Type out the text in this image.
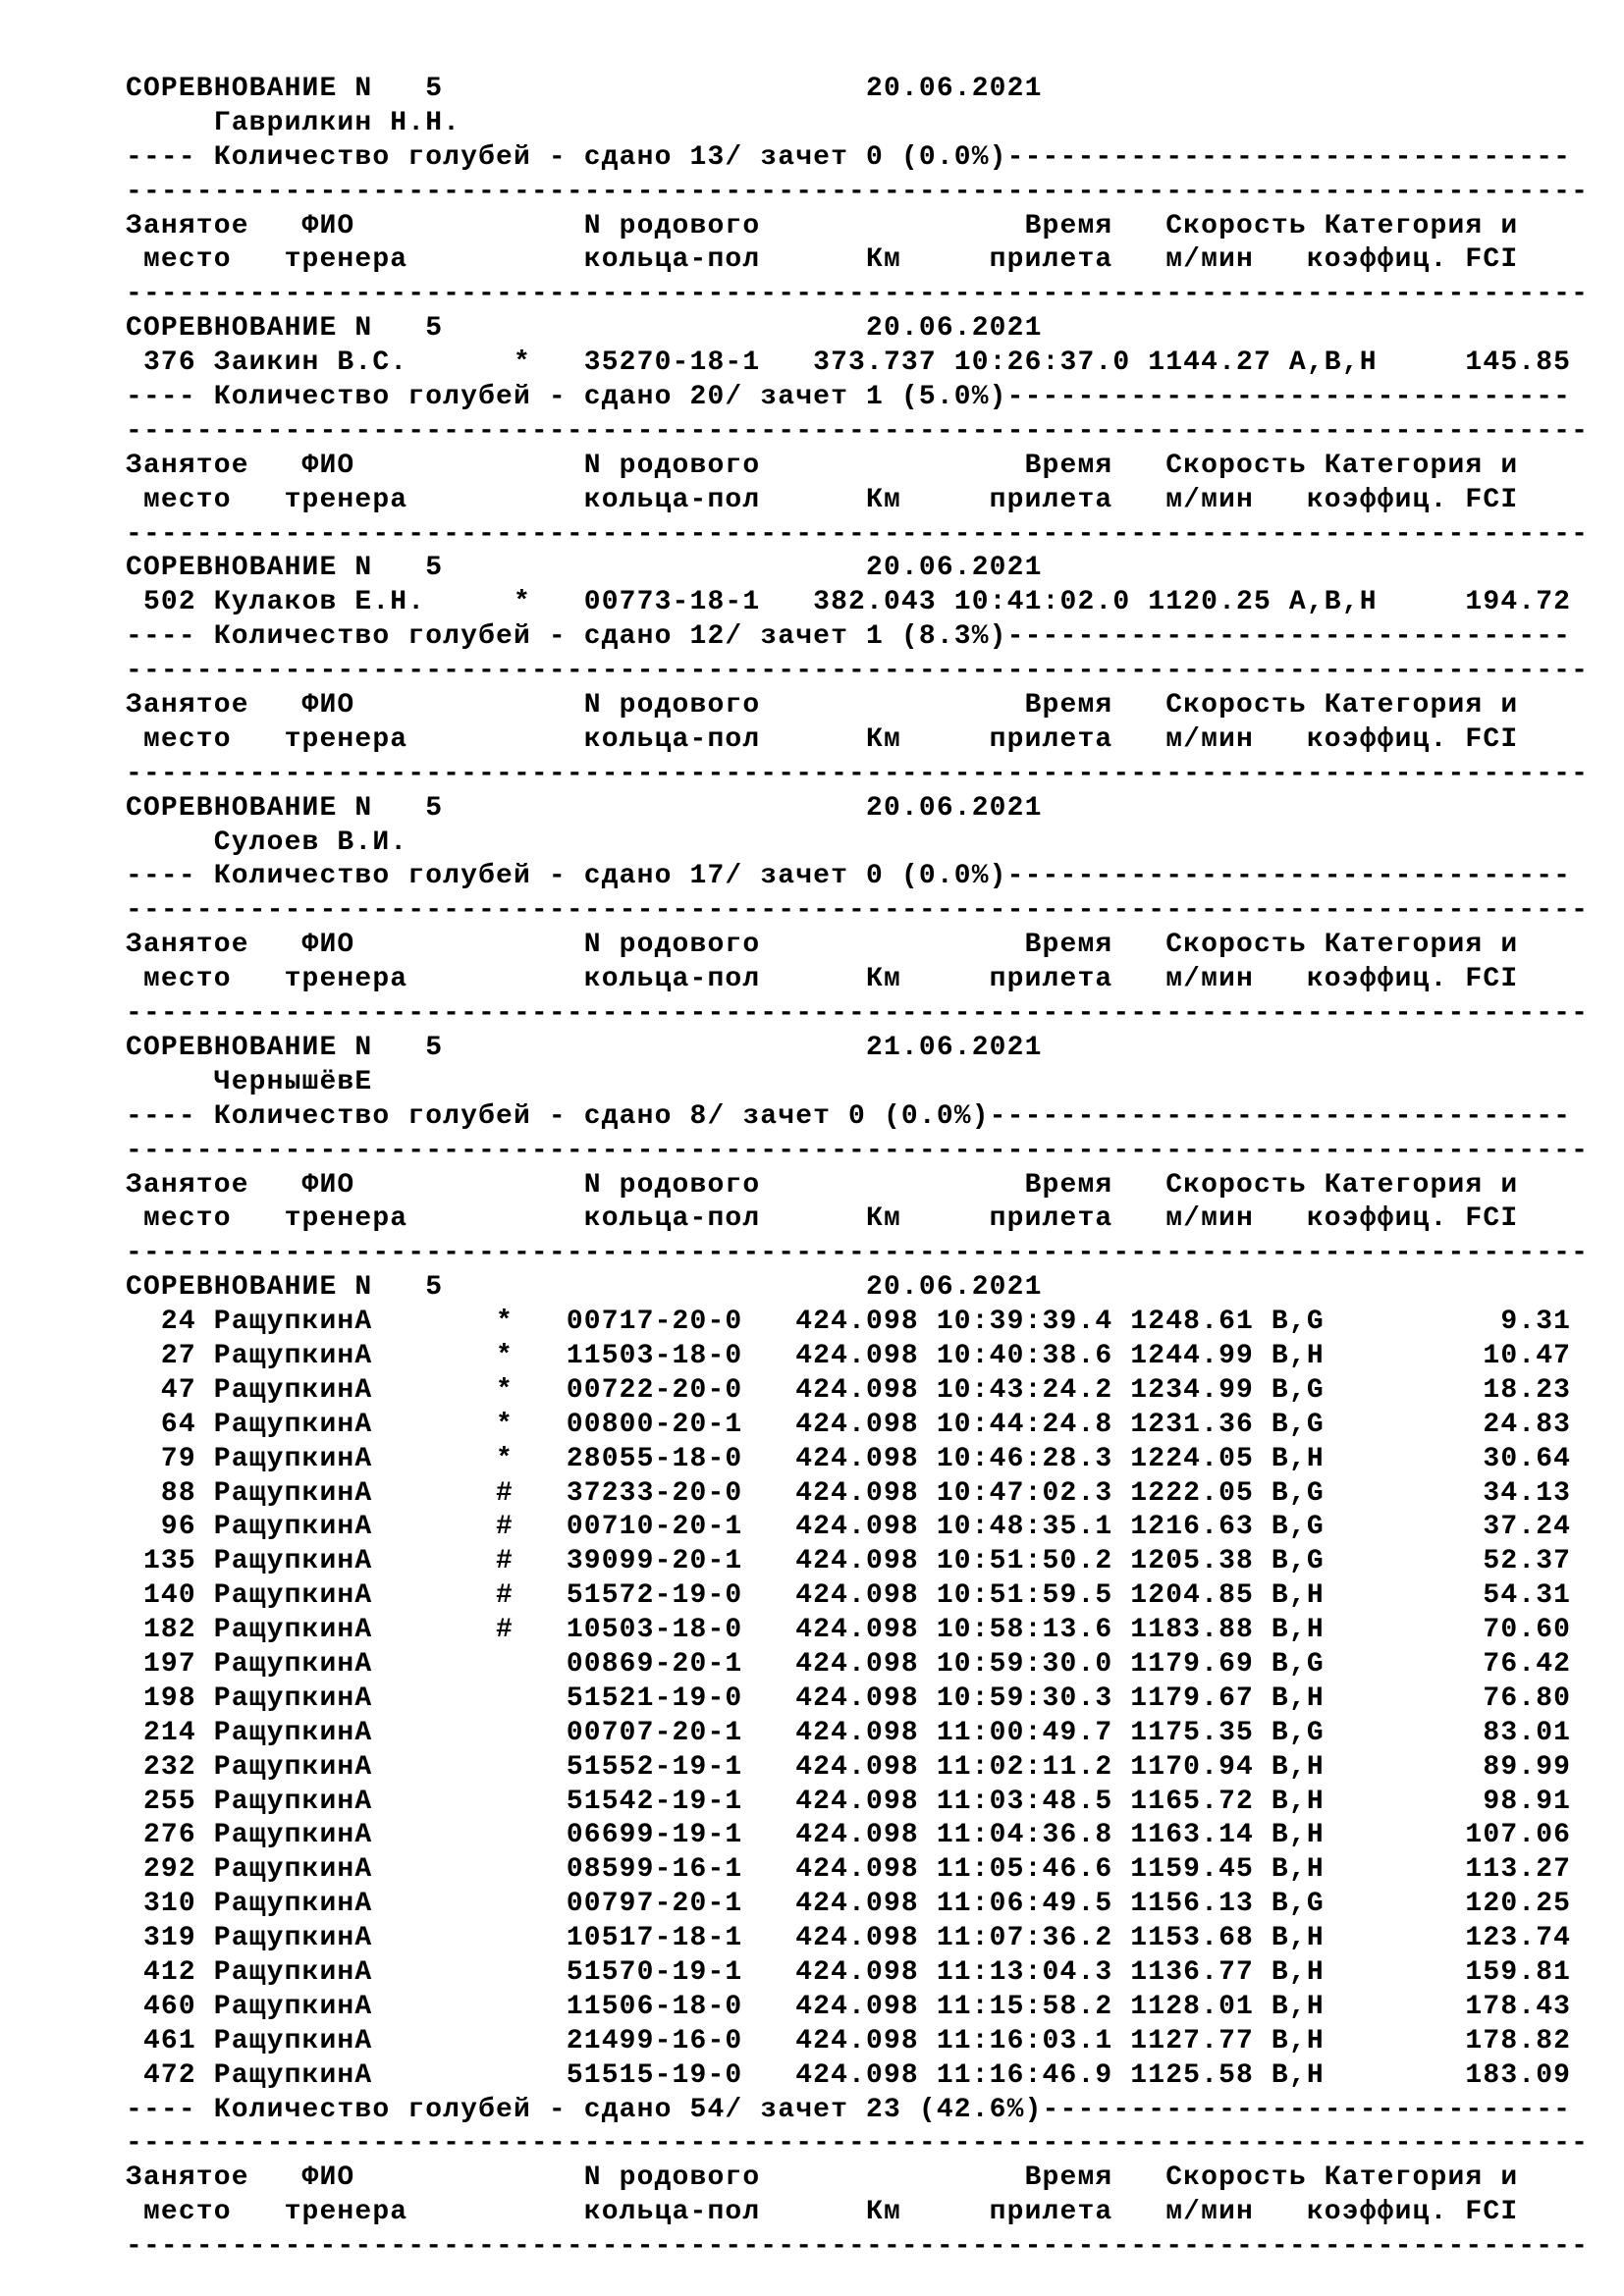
СОРЕВНОВАНИЕ N   5                        20.06.2021
Гаврилкин Н.Н.
---- Количество голубей - сдано 13/ зачет 0 (0.0%)--------------------------------
-----------------------------------------------------------------------------------
Занятое   ФИО             N родового               Время   Скорость Категория и
место   тренера          кольца-пол      Км     прилета   м/мин   коэффиц. FCI
-----------------------------------------------------------------------------------
СОРЕВНОВАНИЕ N   5                        20.06.2021
376 Заикин В.С.      *   35270-18-1   373.737 10:26:37.0 1144.27 A,B,H     145.85
---- Количество голубей - сдано 20/ зачет 1 (5.0%)--------------------------------
-----------------------------------------------------------------------------------
Занятое   ФИО             N родового               Время   Скорость Категория и
место   тренера          кольца-пол      Км     прилета   м/мин   коэффиц. FCI
-----------------------------------------------------------------------------------
СОРЕВНОВАНИЕ N   5                        20.06.2021
502 Кулаков Е.Н.     *   00773-18-1   382.043 10:41:02.0 1120.25 A,B,H     194.72
---- Количество голубей - сдано 12/ зачет 1 (8.3%)--------------------------------
-----------------------------------------------------------------------------------
Занятое   ФИО             N родового               Время   Скорость Категория и
место   тренера          кольца-пол      Км     прилета   м/мин   коэффиц. FCI
-----------------------------------------------------------------------------------
СОРЕВНОВАНИЕ N   5                        20.06.2021
Сулоев В.И.
---- Количество голубей - сдано 17/ зачет 0 (0.0%)--------------------------------
-----------------------------------------------------------------------------------
Занятое   ФИО             N родового               Время   Скорость Категория и
место   тренера          кольца-пол      Км     прилета   м/мин   коэффиц. FCI
-----------------------------------------------------------------------------------
СОРЕВНОВАНИЕ N   5                        21.06.2021
ЧернышёвЕ
---- Количество голубей - сдано 8/ зачет 0 (0.0%)---------------------------------
-----------------------------------------------------------------------------------
Занятое   ФИО             N родового               Время   Скорость Категория и
место   тренера          кольца-пол      Км     прилета   м/мин   коэффиц. FCI
-----------------------------------------------------------------------------------
СОРЕВНОВАНИЕ N   5                        20.06.2021
24 РащупкинА       *   00717-20-0   424.098 10:39:39.4 1248.61 B,G          9.31
27 РащупкинА       *   11503-18-0   424.098 10:40:38.6 1244.99 B,H         10.47
47 РащупкинА       *   00722-20-0   424.098 10:43:24.2 1234.99 B,G         18.23
64 РащупкинА       *   00800-20-1   424.098 10:44:24.8 1231.36 B,G         24.83
79 РащупкинА       *   28055-18-0   424.098 10:46:28.3 1224.05 B,H         30.64
88 РащупкинА       #   37233-20-0   424.098 10:47:02.3 1222.05 B,G         34.13
96 РащупкинА       #   00710-20-1   424.098 10:48:35.1 1216.63 B,G         37.24
135 РащупкинА       #   39099-20-1   424.098 10:51:50.2 1205.38 B,G         52.37
140 РащупкинА       #   51572-19-0   424.098 10:51:59.5 1204.85 B,H         54.31
182 РащупкинА       #   10503-18-0   424.098 10:58:13.6 1183.88 B,H         70.60
197 РащупкинА           00869-20-1   424.098 10:59:30.0 1179.69 B,G         76.42
198 РащупкинА           51521-19-0   424.098 10:59:30.3 1179.67 B,H         76.80
214 РащупкинА           00707-20-1   424.098 11:00:49.7 1175.35 B,G         83.01
232 РащупкинА           51552-19-1   424.098 11:02:11.2 1170.94 B,H         89.99
255 РащупкинА           51542-19-1   424.098 11:03:48.5 1165.72 B,H         98.91
276 РащупкинА           06699-19-1   424.098 11:04:36.8 1163.14 B,H        107.06
292 РащупкинА           08599-16-1   424.098 11:05:46.6 1159.45 B,H        113.27
310 РащупкинА           00797-20-1   424.098 11:06:49.5 1156.13 B,G        120.25
319 РащупкинА           10517-18-1   424.098 11:07:36.2 1153.68 B,H        123.74
412 РащупкинА           51570-19-1   424.098 11:13:04.3 1136.77 B,H        159.81
460 РащупкинА           11506-18-0   424.098 11:15:58.2 1128.01 B,H        178.43
461 РащупкинА           21499-16-0   424.098 11:16:03.1 1127.77 B,H        178.82
472 РащупкинА           51515-19-0   424.098 11:16:46.9 1125.58 B,H        183.09
---- Количество голубей - сдано 54/ зачет 23 (42.6%)------------------------------
-----------------------------------------------------------------------------------
Занятое   ФИО             N родового               Время   Скорость Категория и
место   тренера          кольца-пол      Км     прилета   м/мин   коэффиц. FCI
-----------------------------------------------------------------------------------
